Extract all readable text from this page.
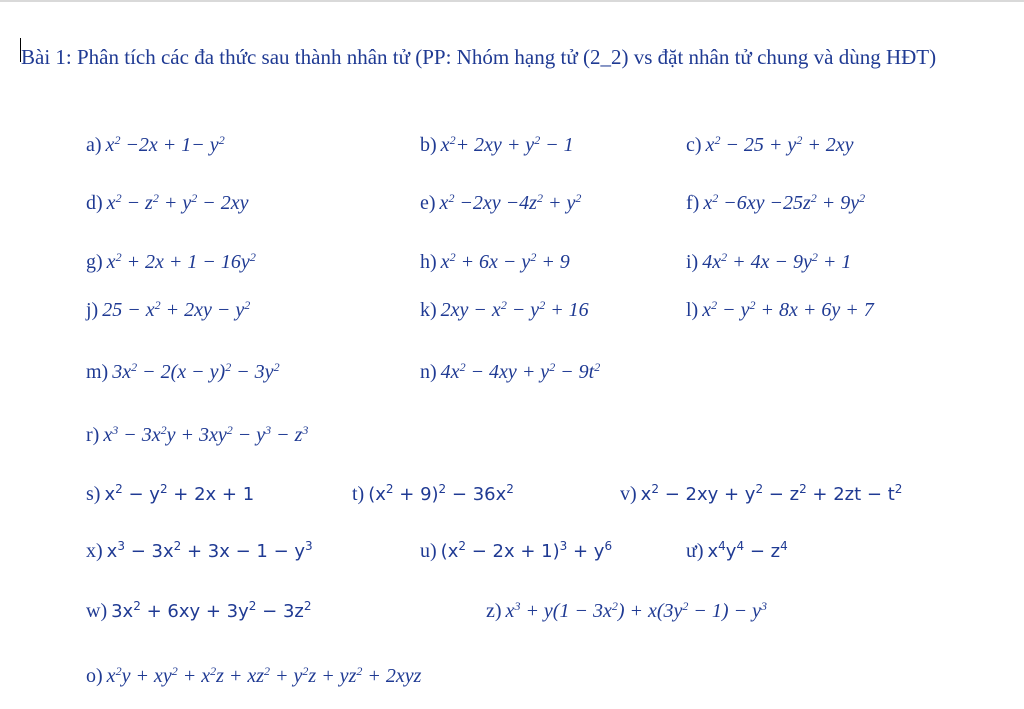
Bài 1: Phân tích các đa thức sau thành nhân tử (PP: Nhóm hạng tử (2_2) vs đặt nhân tử chung và dùng HĐT)
a) $x^2 -2x + 1- y^2$	b) $x^2+ 2xy + y^2 - 1$	c) $x^2 - 25 + y^2 + 2xy$
d) $x^2 - z^2 + y^2 - 2xy$	e) $x^2 -2xy -4z^2 + y^2$	f) $x^2 -6xy -25z^2 + 9y^2$
g) $x^2 + 2x + 1 - 16y^2$	h) $x^2 + 6x - y^2 + 9$	i) $4x^2 + 4x - 9y^2 + 1$
j) $25 - x^2 + 2xy - y^2$	k) $2xy - x^2 - y^2 + 16$	l) $x^2 - y^2 + 8x + 6y + 7$
m) $3x^2 - 2(x - y)^2 - 3y^2$	n) $4x^2 - 4xy + y^2 - 9t^2$
r) $x^3 - 3x^2y + 3xy^2 - y^3 - z^3$
s) $x^2 - y^2 + 2x + 1$	t) $(x^2 + 9)^2 - 36x^2$	v) $x^2 - 2xy + y^2 - z^2 + 2zt - t^2$
x) $x^3 - 3x^2 + 3x - 1 - y^3$	u) $(x^2 - 2x + 1)^3 + y^6$	ư) $x^4y^4 - z^4$
w) $3x^2 + 6xy + 3y^2 - 3z^2$	z) $x^3 + y(1 - 3x^2) + x(3y^2 - 1) - y^3$
o) $x^2y + xy^2 + x^2z + xz^2 + y^2z + yz^2 + 2xyz$
